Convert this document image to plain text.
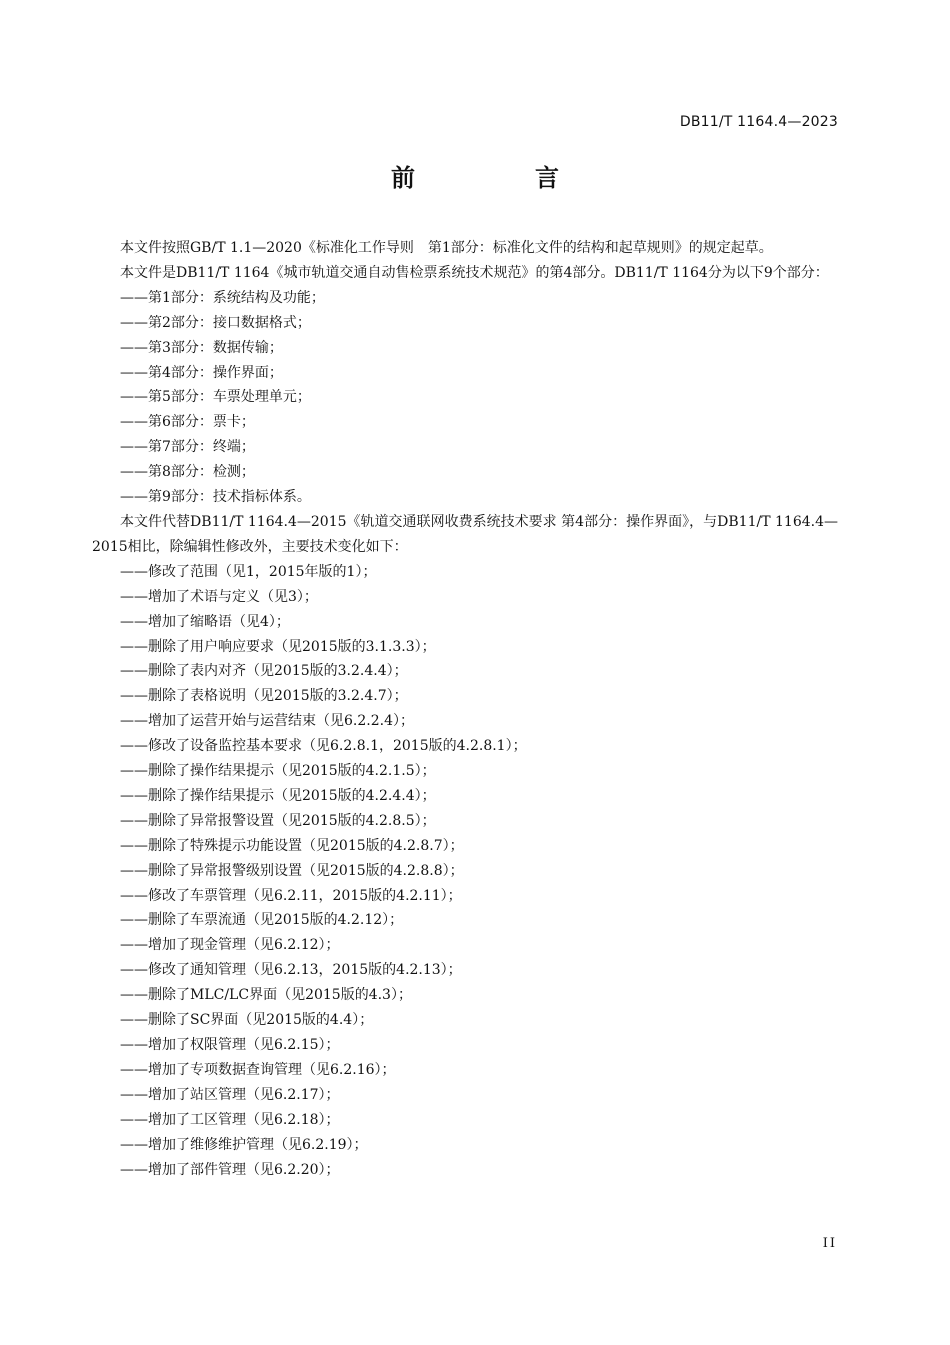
DB11/T 1164.4—2023
前　言

本文件按照GB/T 1.1—2020《标准化工作导则　第1部分：标准化文件的结构和起草规则》的规定起草。

本文件是DB11/T 1164《城市轨道交通自动售检票系统技术规范》的第4部分。DB11/T 1164分为以下9个部分：

——第1部分：系统结构及功能；

——第2部分：接口数据格式；

——第3部分：数据传输；

——第4部分：操作界面；

——第5部分：车票处理单元；

——第6部分：票卡；

——第7部分：终端；

——第8部分：检测；

——第9部分：技术指标体系。

本文件代替DB11/T 1164.4—2015《轨道交通联网收费系统技术要求 第4部分：操作界面》，与DB11/T 1164.4—2015相比，除编辑性修改外，主要技术变化如下：

——修改了范围（见1，2015年版的1）；

——增加了术语与定义（见3）；

——增加了缩略语（见4）；

——删除了用户响应要求（见2015版的3.1.3.3）；

——删除了表内对齐（见2015版的3.2.4.4）；

——删除了表格说明（见2015版的3.2.4.7）；

——增加了运营开始与运营结束（见6.2.2.4）；

——修改了设备监控基本要求（见6.2.8.1，2015版的4.2.8.1）；

——删除了操作结果提示（见2015版的4.2.1.5）；

——删除了操作结果提示（见2015版的4.2.4.4）；

——删除了异常报警设置（见2015版的4.2.8.5）；

——删除了特殊提示功能设置（见2015版的4.2.8.7）；

——删除了异常报警级别设置（见2015版的4.2.8.8）；

——修改了车票管理（见6.2.11，2015版的4.2.11）；

——删除了车票流通（见2015版的4.2.12）；

——增加了现金管理（见6.2.12）；

——修改了通知管理（见6.2.13，2015版的4.2.13）；

——删除了MLC/LC界面（见2015版的4.3）；

——删除了SC界面（见2015版的4.4）；

——增加了权限管理（见6.2.15）；

——增加了专项数据查询管理（见6.2.16）；

——增加了站区管理（见6.2.17）；

——增加了工区管理（见6.2.18）；

——增加了维修维护管理（见6.2.19）；

——增加了部件管理（见6.2.20）；

II
